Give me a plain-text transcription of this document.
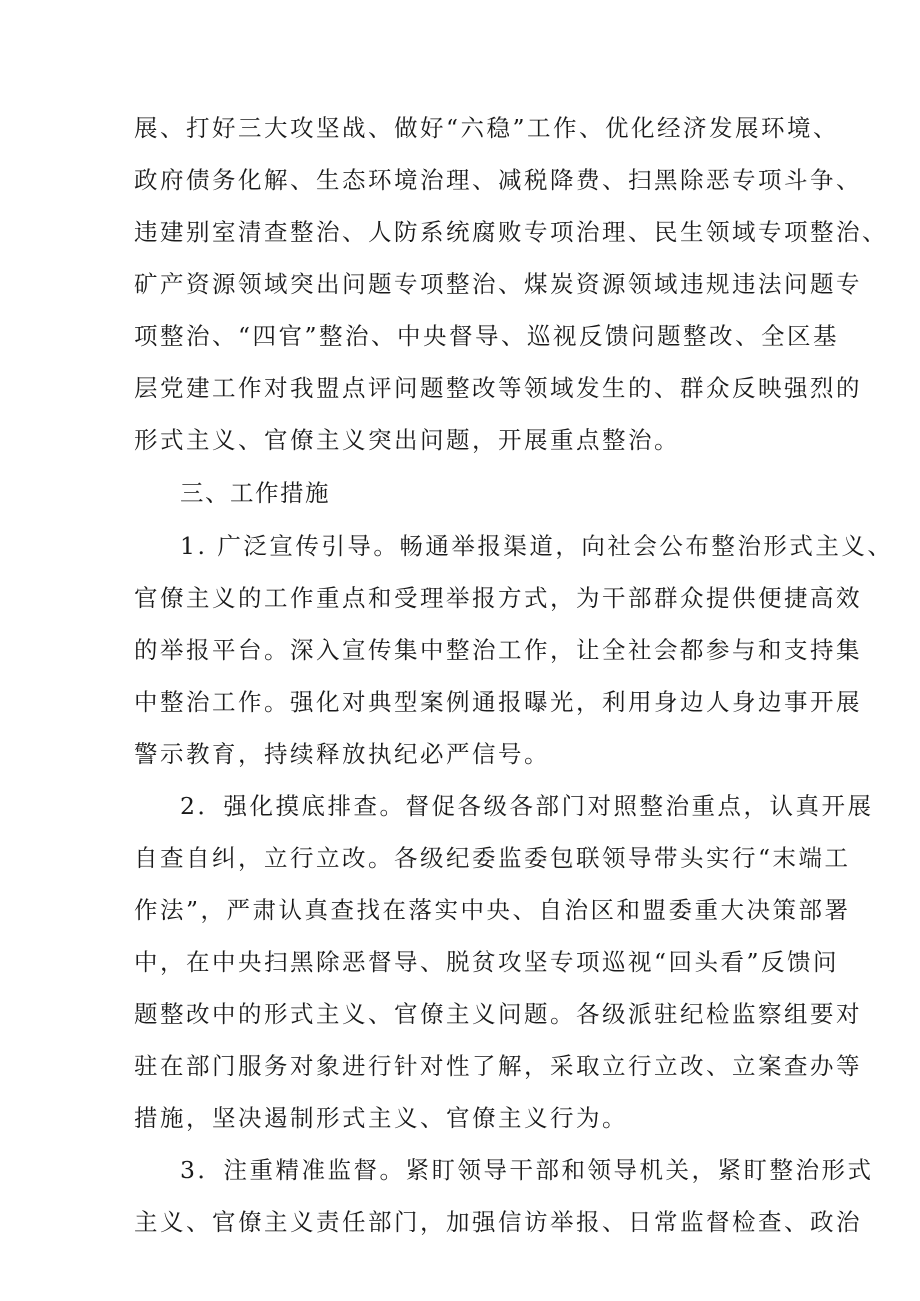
展、打好三大攻坚战、做好“六稳”工作、优化经济发展环境、
政府债务化解、生态环境治理、减税降费、扫黑除恶专项斗争、
违建别室清查整治、人防系统腐败专项治理、民生领域专项整治、
矿产资源领域突出问题专项整治、煤炭资源领域违规违法问题专
项整治、“四官”整治、中央督导、巡视反馈问题整改、全区基
层党建工作对我盟点评问题整改等领域发生的、群众反映强烈的
形式主义、官僚主义突出问题，开展重点整治。
三、工作措施
1. 广泛宣传引导。畅通举报渠道，向社会公布整治形式主义、
官僚主义的工作重点和受理举报方式，为干部群众提供便捷高效
的举报平台。深入宣传集中整治工作，让全社会都参与和支持集
中整治工作。强化对典型案例通报曝光，利用身边人身边事开展
警示教育，持续释放执纪必严信号。
2．强化摸底排查。督促各级各部门对照整治重点，认真开展
自查自纠，立行立改。各级纪委监委包联领导带头实行“末端工
作法”，严肃认真查找在落实中央、自治区和盟委重大决策部署
中，在中央扫黑除恶督导、脱贫攻坚专项巡视“回头看”反馈问
题整改中的形式主义、官僚主义问题。各级派驻纪检监察组要对
驻在部门服务对象进行针对性了解，采取立行立改、立案查办等
措施，坚决遏制形式主义、官僚主义行为。
3．注重精准监督。紧盯领导干部和领导机关，紧盯整治形式
主义、官僚主义责任部门，加强信访举报、日常监督检查、政治
